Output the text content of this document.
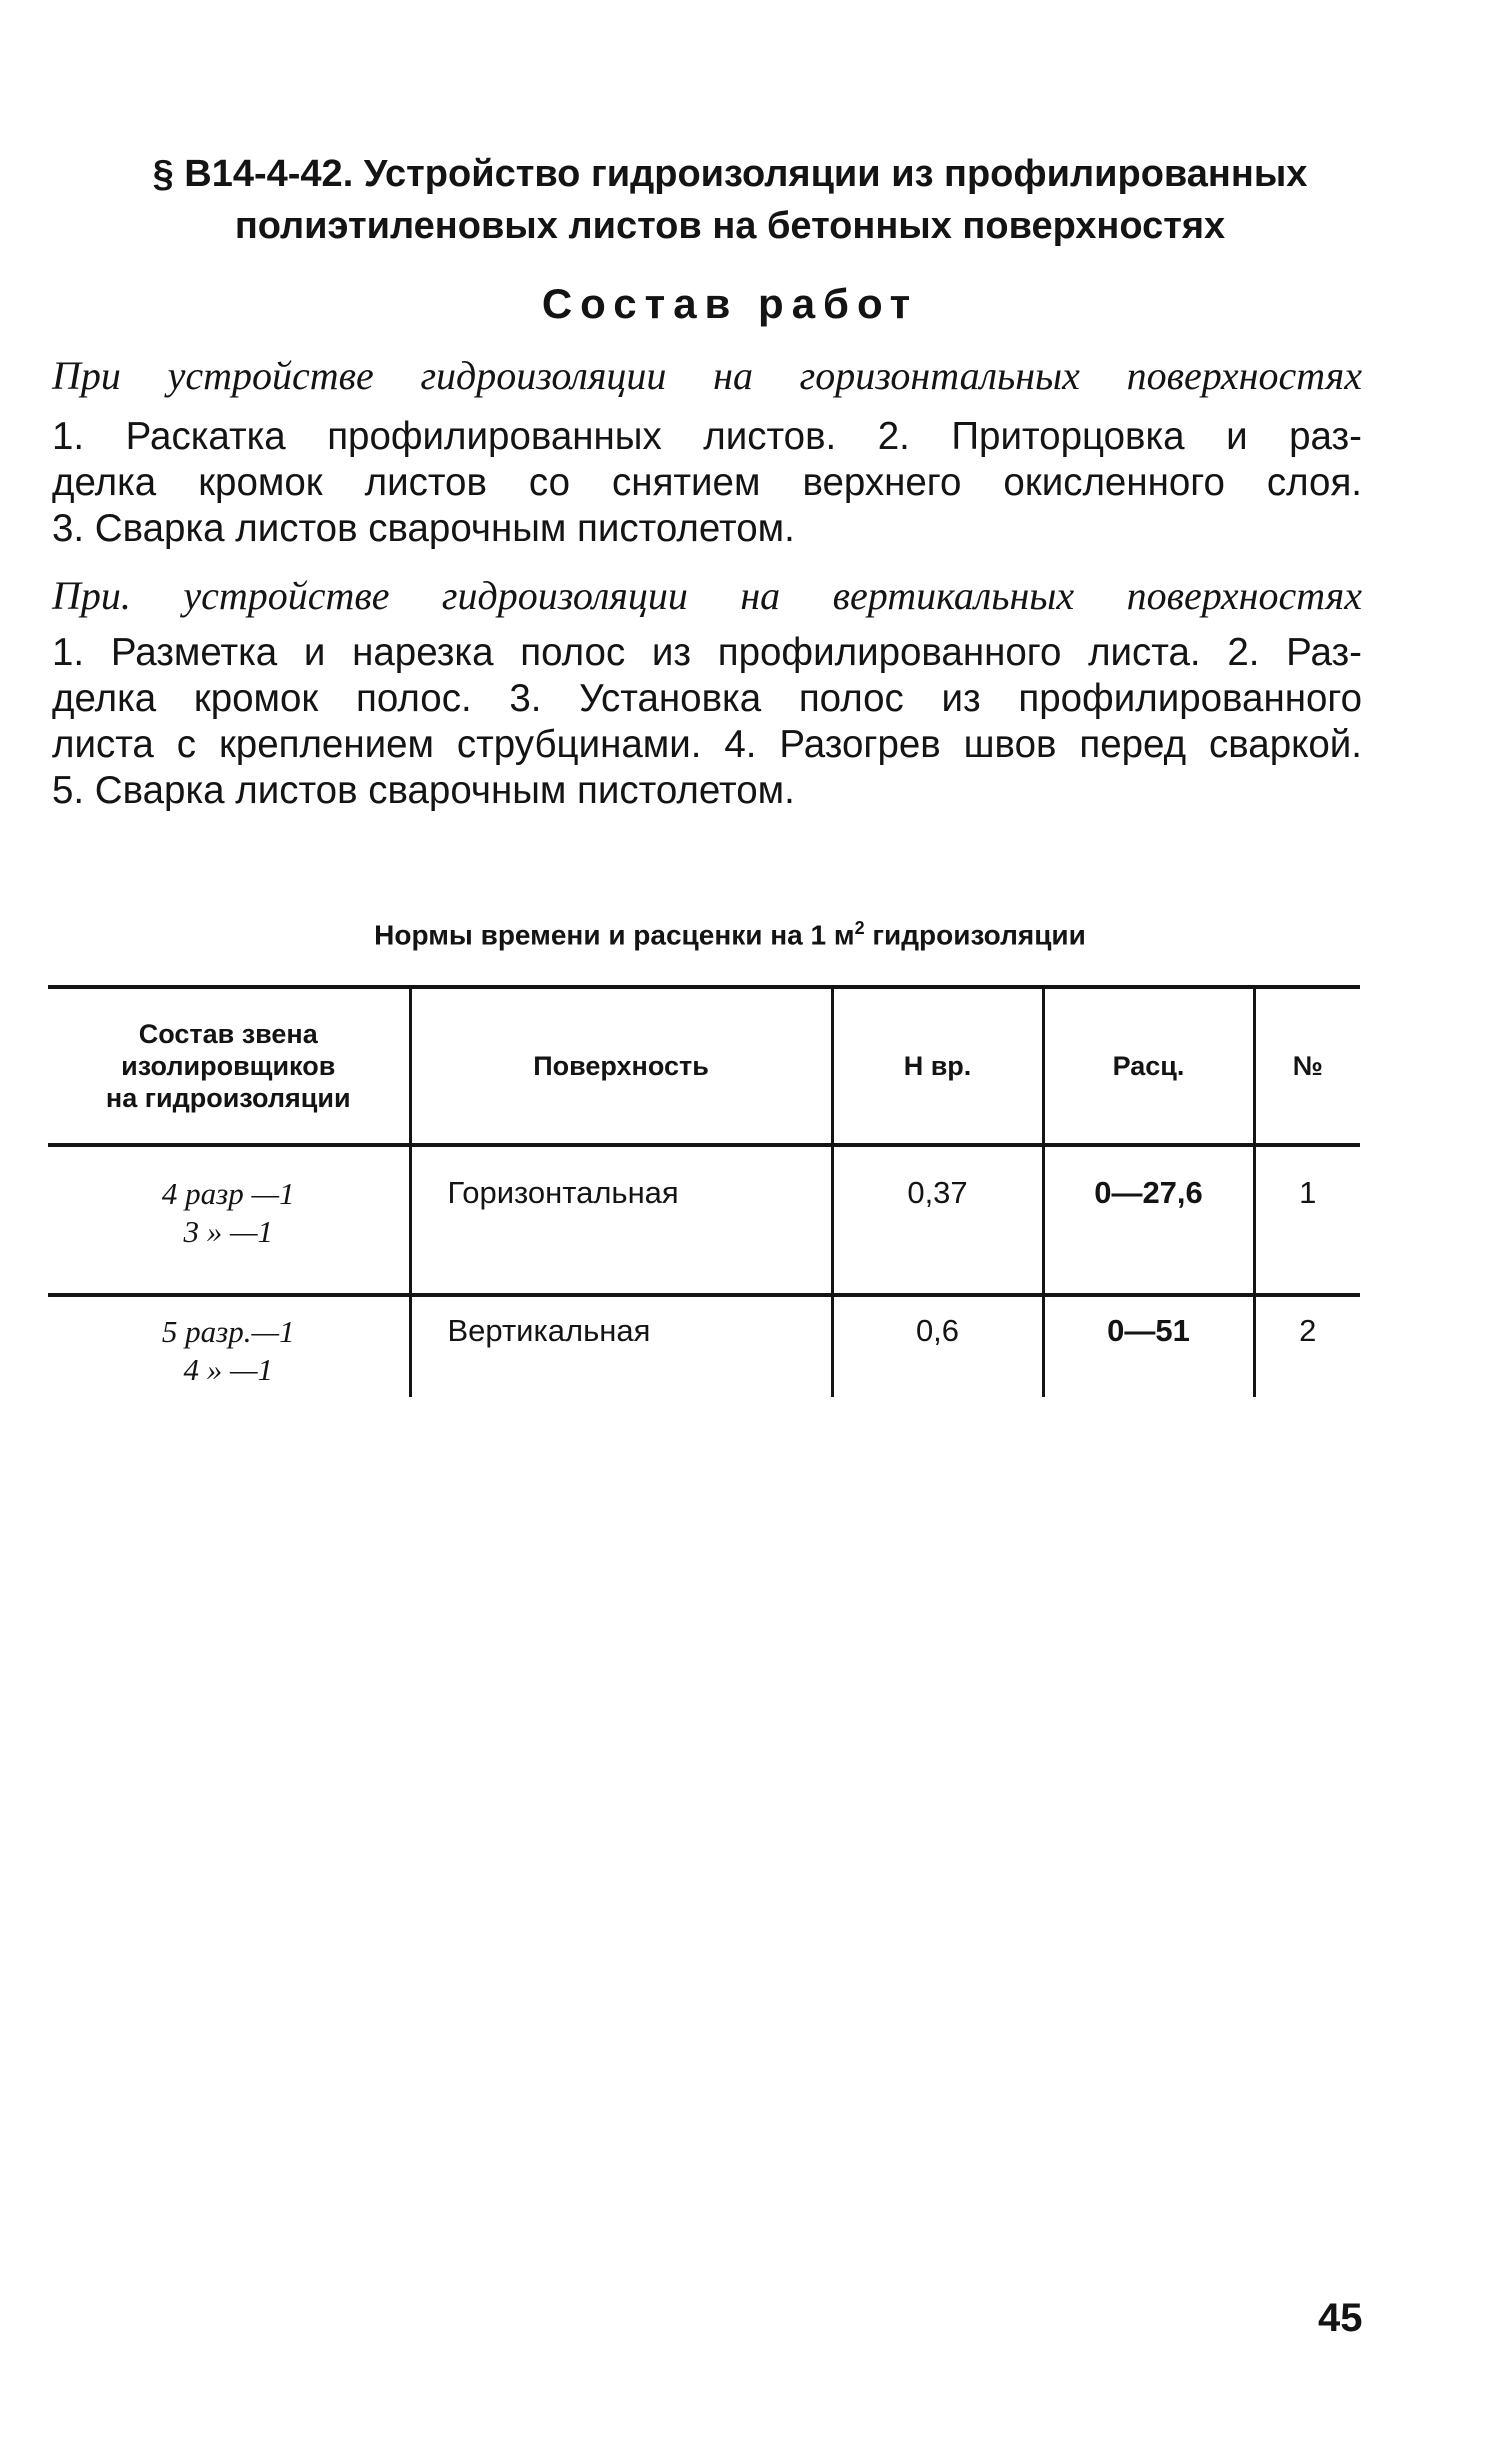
§ В14-4-42. Устройство гидроизоляции из профилированных
полиэтиленовых листов на бетонных поверхностях
Состав работ
При устройстве гидроизоляции на горизонтальных поверхностях
1. Раскатка профилированных листов. 2. Приторцовка и раз-
делка кромок листов со снятием верхнего окисленного слоя.
3. Сварка листов сварочным пистолетом.
При. устройстве гидроизоляции на вертикальных поверхностях
1. Разметка и нарезка полос из профилированного листа. 2. Раз-
делка кромок полос. 3. Установка полос из профилированного
листа с креплением струбцинами. 4. Разогрев швов перед сваркой.
5. Сварка листов сварочным пистолетом.
Нормы времени и расценки на 1 $м^2$ гидроизоляции
Состав звена
изолировщиков
на гидроизоляции	Поверхность	Н вр.	Расц.	№

4 разр —1
3 » —1	Горизонтальная	0,37	0—27,6	1

5 разр.—1
4 » —1	Вертикальная	0,6	0—51	2
45
